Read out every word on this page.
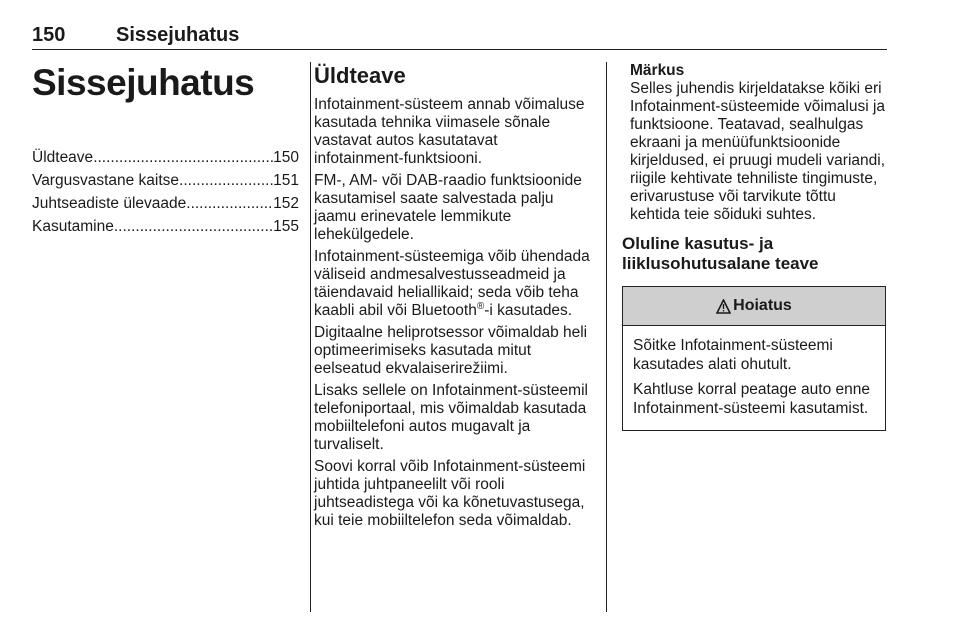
150	Sissejuhatus
Sissejuhatus
Üldteave .....	150
Vargusvastane kaitse .....	151
Juhtseadiste ülevaade .....	152
Kasutamine .....	155
Üldteave

Infotainment-süsteem annab võimaluse kasutada tehnika viimasele sõnale vastavat autos kasutatavat infotainment-funktsiooni.

FM-, AM- või DAB-raadio funktsioonide kasutamisel saate salvestada palju jaamu erinevatele lemmikute lehekülgedele.

Infotainment-süsteemiga võib ühendada väliseid andmesalvestusseadmeid ja täiendavaid heliallikaid; seda võib teha kaabli abil või Bluetooth®-i kasutades.

Digitaalne heliprotsessor võimaldab heli optimeerimiseks kasutada mitut eelseatud ekvalaiserirežiimi.

Lisaks sellele on Infotainment-süsteemil telefoniportaal, mis võimaldab kasutada mobiiltelefoni autos mugavalt ja turvaliselt.

Soovi korral võib Infotainment-süsteemi juhtida juhtpaneelilt või rooli juhtseadistega või ka kõnetuvastusega, kui teie mobiiltelefon seda võimaldab.

Märkus
Selles juhendis kirjeldatakse kõiki eri
Infotainment-süsteemide võimalusi ja funktsioone. Teatavad, sealhulgas ekraani ja menüüfunktsioonide kirjeldused, ei pruugi mudeli variandi, riigile kehtivate tehniliste tingimuste, erivarustuse või tarvikute tõttu kehtida teie sõiduki suhtes.
Oluline kasutus- ja liiklusohutusalane teave
Hoiatus

Sõitke Infotainment-süsteemi kasutades alati ohutult.

Kahtluse korral peatage auto enne Infotainment-süsteemi kasutamist.
